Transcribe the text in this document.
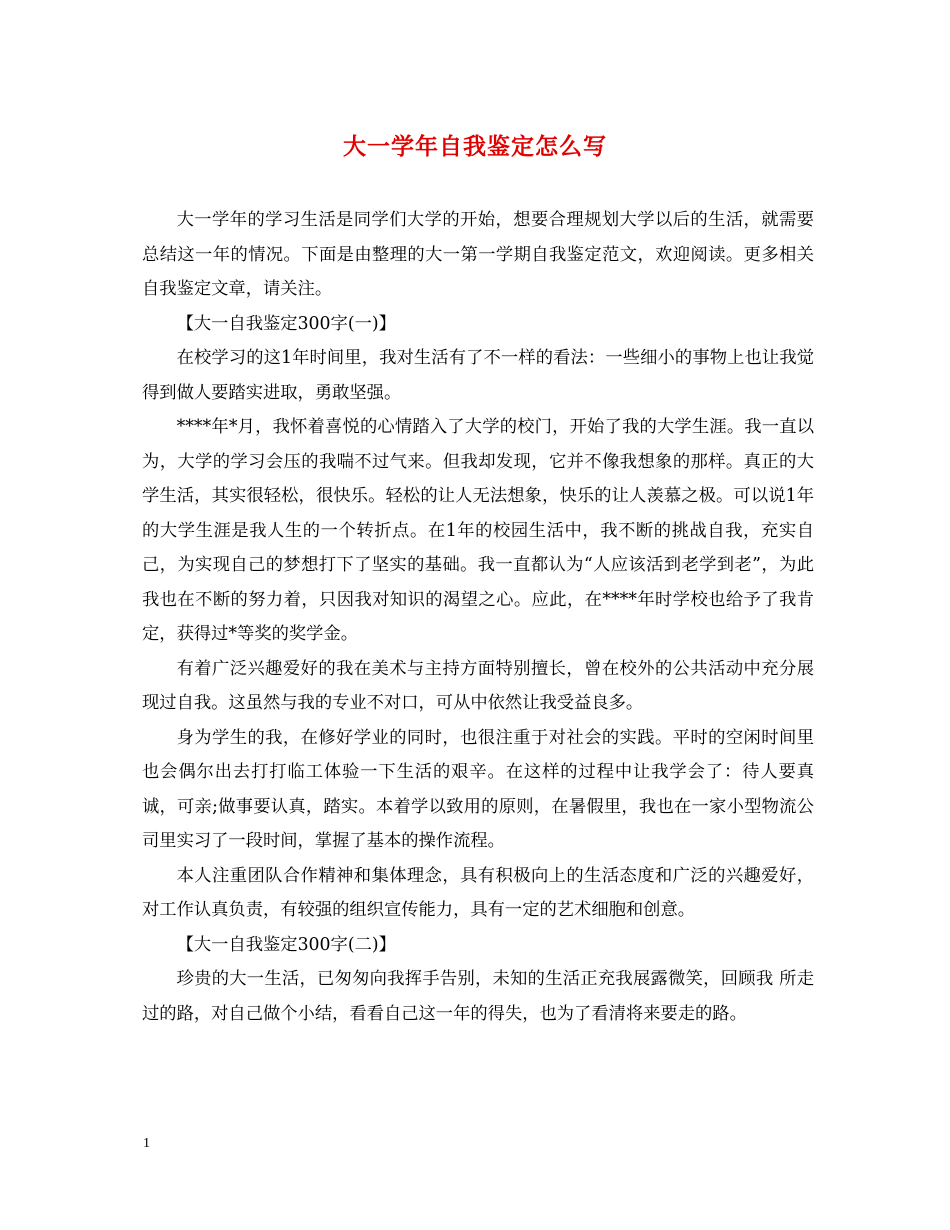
大一学年自我鉴定怎么写

大一学年的学习生活是同学们大学的开始，想要合理规划大学以后的生活，就需要总结这一年的情况。下面是由整理的大一第一学期自我鉴定范文，欢迎阅读。更多相关自我鉴定文章，请关注。

【大一自我鉴定300字(一)】

在校学习的这1年时间里，我对生活有了不一样的看法：一些细小的事物上也让我觉得到做人要踏实进取，勇敢坚强。

****年*月，我怀着喜悦的心情踏入了大学的校门，开始了我的大学生涯。我一直以为，大学的学习会压的我喘不过气来。但我却发现，它并不像我想象的那样。真正的大学生活，其实很轻松，很快乐。轻松的让人无法想象，快乐的让人羡慕之极。可以说1年的大学生涯是我人生的一个转折点。在1年的校园生活中，我不断的挑战自我，充实自己，为实现自己的梦想打下了坚实的基础。我一直都认为“人应该活到老学到老”，为此我也在不断的努力着，只因我对知识的渴望之心。应此，在****年时学校也给予了我肯定，获得过*等奖的奖学金。

有着广泛兴趣爱好的我在美术与主持方面特别擅长，曾在校外的公共活动中充分展现过自我。这虽然与我的专业不对口，可从中依然让我受益良多。

身为学生的我，在修好学业的同时，也很注重于对社会的实践。平时的空闲时间里也会偶尔出去打打临工体验一下生活的艰辛。在这样的过程中让我学会了：待人要真诚，可亲;做事要认真，踏实。本着学以致用的原则，在暑假里，我也在一家小型物流公司里实习了一段时间，掌握了基本的操作流程。

本人注重团队合作精神和集体理念，具有积极向上的生活态度和广泛的兴趣爱好，对工作认真负责，有较强的组织宣传能力，具有一定的艺术细胞和创意。

【大一自我鉴定300字(二)】

珍贵的大一生活，已匆匆向我挥手告别，未知的生活正充我展露微笑，回顾我 所走过的路，对自己做个小结，看看自己这一年的得失，也为了看清将来要走的路。

1
